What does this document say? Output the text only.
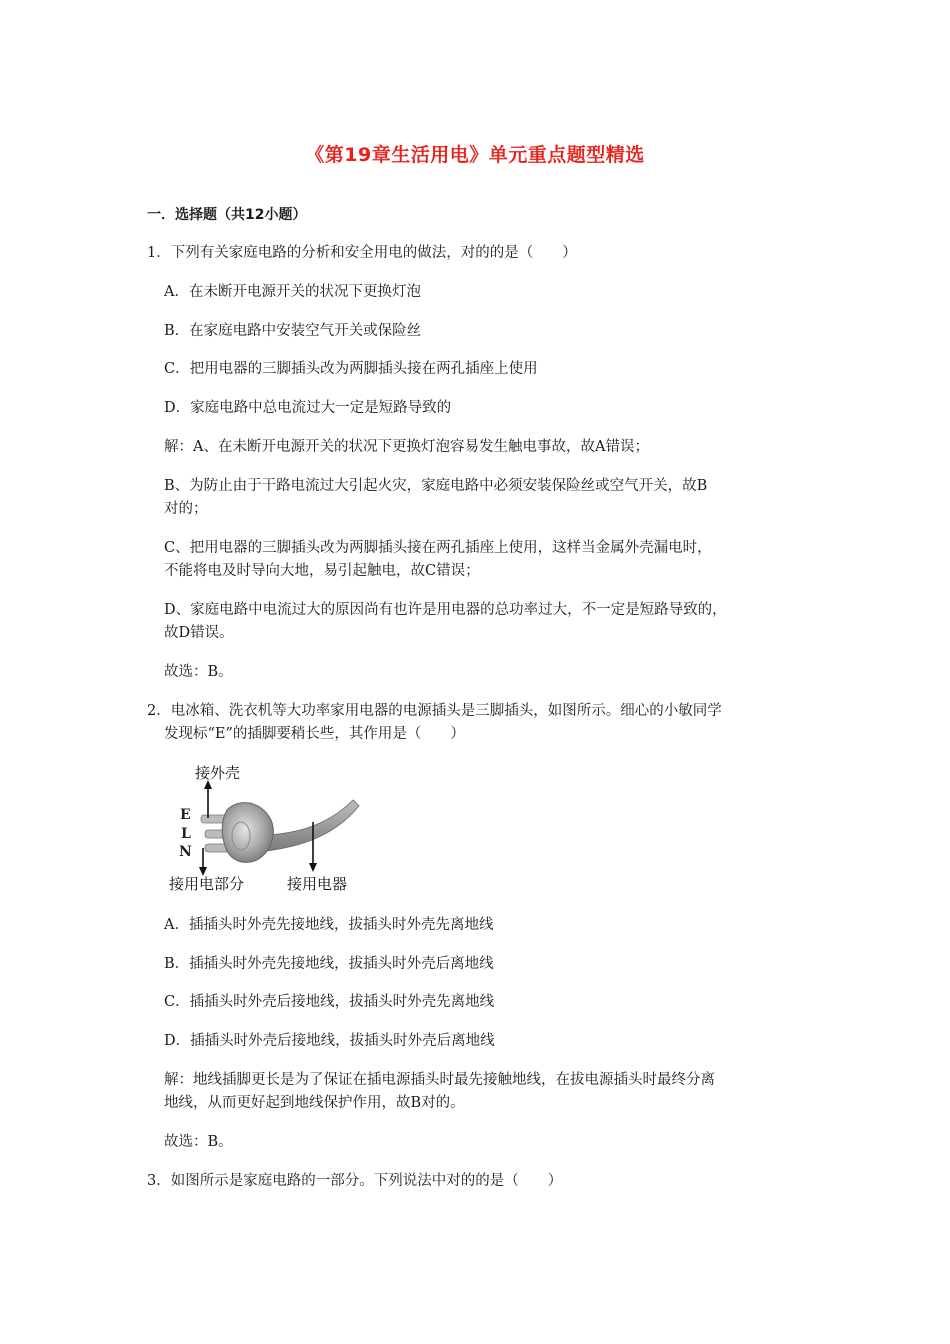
《第19章生活用电》单元重点题型精选
一．选择题（共12小题）
1．下列有关家庭电路的分析和安全用电的做法，对的的是（　　）
A．在未断开电源开关的状况下更换灯泡
B．在家庭电路中安装空气开关或保险丝
C．把用电器的三脚插头改为两脚插头接在两孔插座上使用
D．家庭电路中总电流过大一定是短路导致的
解：A、在未断开电源开关的状况下更换灯泡容易发生触电事故，故A错误；
B、为防止由于干路电流过大引起火灾，家庭电路中必须安装保险丝或空气开关，故B
对的；
C、把用电器的三脚插头改为两脚插头接在两孔插座上使用，这样当金属外壳漏电时，
不能将电及时导向大地，易引起触电，故C错误；
D、家庭电路中电流过大的原因尚有也许是用电器的总功率过大，不一定是短路导致的，
故D错误。
故选：B。
2．电冰箱、洗衣机等大功率家用电器的电源插头是三脚插头，如图所示。细心的小敏同学
发现标“E”的插脚要稍长些，其作用是（　　）
接外壳
E
L
N
接用电部分	接用电器
A．插插头时外壳先接地线，拔插头时外壳先离地线
B．插插头时外壳先接地线，拔插头时外壳后离地线
C．插插头时外壳后接地线，拔插头时外壳先离地线
D．插插头时外壳后接地线，拔插头时外壳后离地线
解：地线插脚更长是为了保证在插电源插头时最先接触地线，在拔电源插头时最终分离
地线，从而更好起到地线保护作用，故B对的。
故选：B。
3．如图所示是家庭电路的一部分。下列说法中对的的是（　　）
